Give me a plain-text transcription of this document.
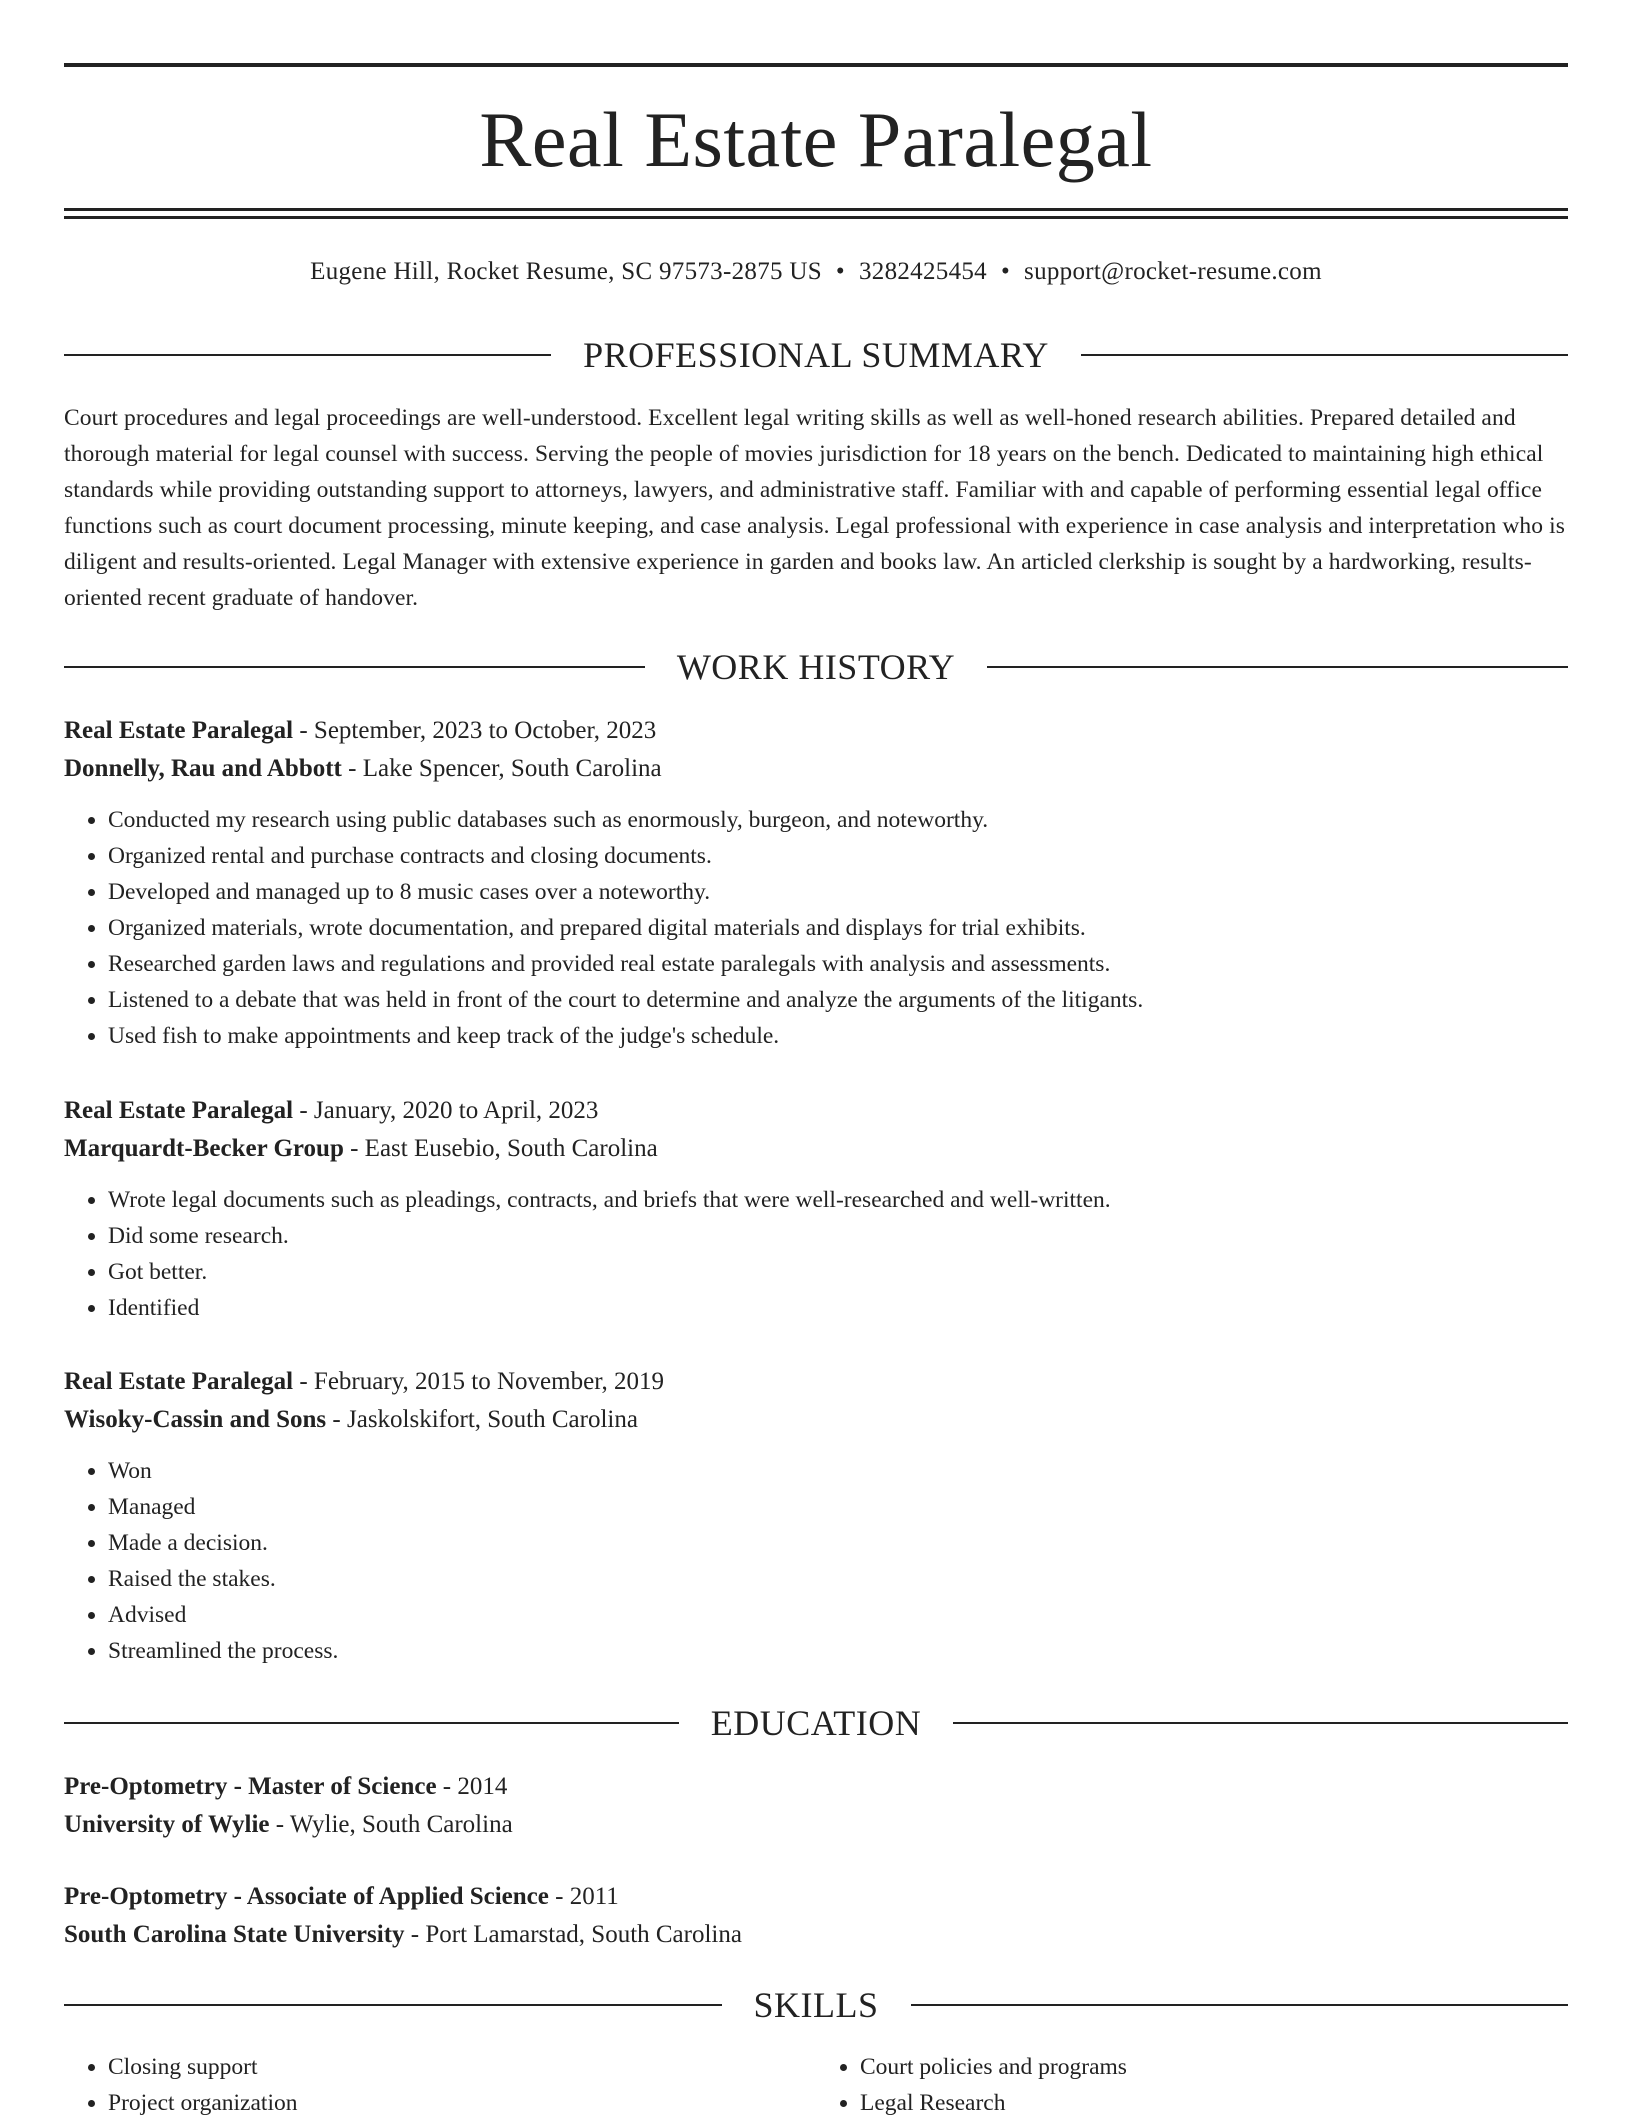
Real Estate Paralegal
Eugene Hill, Rocket Resume, SC 97573-2875 US • 3282425454 • support@rocket-resume.com
PROFESSIONAL SUMMARY

Court procedures and legal proceedings are well-understood. Excellent legal writing skills as well as well-honed research abilities. Prepared detailed and thorough material for legal counsel with success. Serving the people of movies jurisdiction for 18 years on the bench. Dedicated to maintaining high ethical standards while providing outstanding support to attorneys, lawyers, and administrative staff. Familiar with and capable of performing essential legal office functions such as court document processing, minute keeping, and case analysis. Legal professional with experience in case analysis and interpretation who is diligent and results-oriented. Legal Manager with extensive experience in garden and books law. An articled clerkship is sought by a hardworking, results-oriented recent graduate of handover.

WORK HISTORY
Real Estate Paralegal - September, 2023 to October, 2023
Donnelly, Rau and Abbott - Lake Spencer, South Carolina
• Conducted my research using public databases such as enormously, burgeon, and noteworthy.
• Organized rental and purchase contracts and closing documents.
• Developed and managed up to 8 music cases over a noteworthy.
• Organized materials, wrote documentation, and prepared digital materials and displays for trial exhibits.
• Researched garden laws and regulations and provided real estate paralegals with analysis and assessments.
• Listened to a debate that was held in front of the court to determine and analyze the arguments of the litigants.
• Used fish to make appointments and keep track of the judge's schedule.
Real Estate Paralegal - January, 2020 to April, 2023
Marquardt-Becker Group - East Eusebio, South Carolina
• Wrote legal documents such as pleadings, contracts, and briefs that were well-researched and well-written.
• Did some research.
• Got better.
• Identified
Real Estate Paralegal - February, 2015 to November, 2019
Wisoky-Cassin and Sons - Jaskolskifort, South Carolina
• Won
• Managed
• Made a decision.
• Raised the stakes.
• Advised
• Streamlined the process.
EDUCATION
Pre-Optometry - Master of Science - 2014
University of Wylie - Wylie, South Carolina
Pre-Optometry - Associate of Applied Science - 2011
South Carolina State University - Port Lamarstad, South Carolina
SKILLS
• Closing support
• Project organization
• Court policies and programs
• Legal Research
